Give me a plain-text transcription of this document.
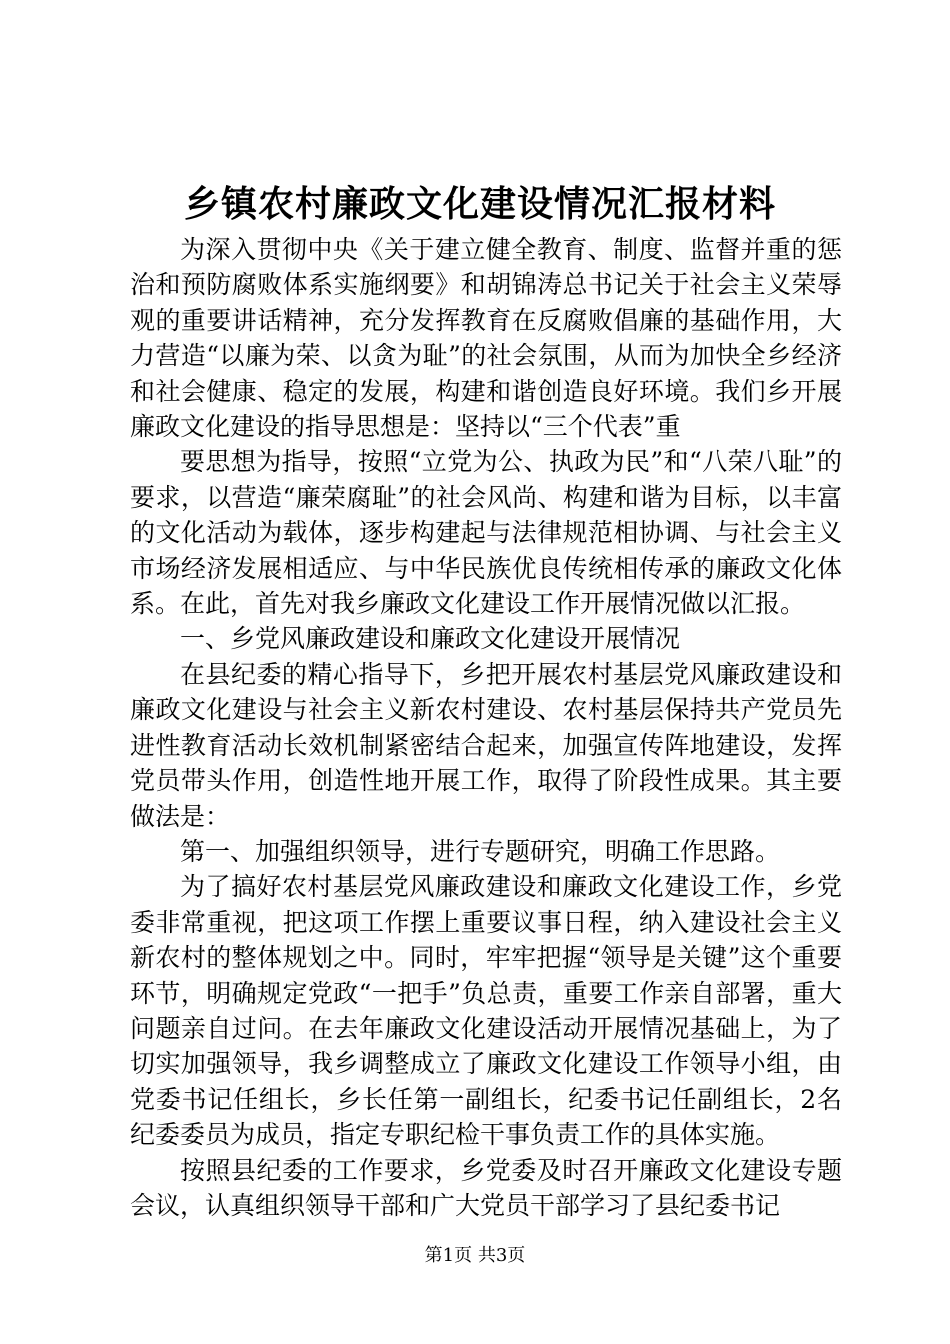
乡镇农村廉政文化建设情况汇报材料

为深入贯彻中央《关于建立健全教育、制度、监督并重的惩治和预防腐败体系实施纲要》和胡锦涛总书记关于社会主义荣辱观的重要讲话精神，充分发挥教育在反腐败倡廉的基础作用，大力营造“以廉为荣、以贪为耻”的社会氛围，从而为加快全乡经济和社会健康、稳定的发展，构建和谐创造良好环境。我们乡开展廉政文化建设的指导思想是：坚持以“三个代表”重

要思想为指导，按照“立党为公、执政为民”和“八荣八耻”的要求，以营造“廉荣腐耻”的社会风尚、构建和谐为目标，以丰富的文化活动为载体，逐步构建起与法律规范相协调、与社会主义市场经济发展相适应、与中华民族优良传统相传承的廉政文化体系。在此，首先对我乡廉政文化建设工作开展情况做以汇报。

一、乡党风廉政建设和廉政文化建设开展情况

在县纪委的精心指导下，乡把开展农村基层党风廉政建设和廉政文化建设与社会主义新农村建设、农村基层保持共产党员先进性教育活动长效机制紧密结合起来，加强宣传阵地建设，发挥党员带头作用，创造性地开展工作，取得了阶段性成果。其主要做法是：

第一、加强组织领导，进行专题研究，明确工作思路。

为了搞好农村基层党风廉政建设和廉政文化建设工作，乡党委非常重视，把这项工作摆上重要议事日程，纳入建设社会主义新农村的整体规划之中。同时，牢牢把握“领导是关键”这个重要环节，明确规定党政“一把手”负总责，重要工作亲自部署，重大问题亲自过问。在去年廉政文化建设活动开展情况基础上，为了切实加强领导，我乡调整成立了廉政文化建设工作领导小组，由党委书记任组长，乡长任第一副组长，纪委书记任副组长，2名纪委委员为成员，指定专职纪检干事负责工作的具体实施。

按照县纪委的工作要求，乡党委及时召开廉政文化建设专题会议，认真组织领导干部和广大党员干部学习了县纪委书记

第1页 共3页
